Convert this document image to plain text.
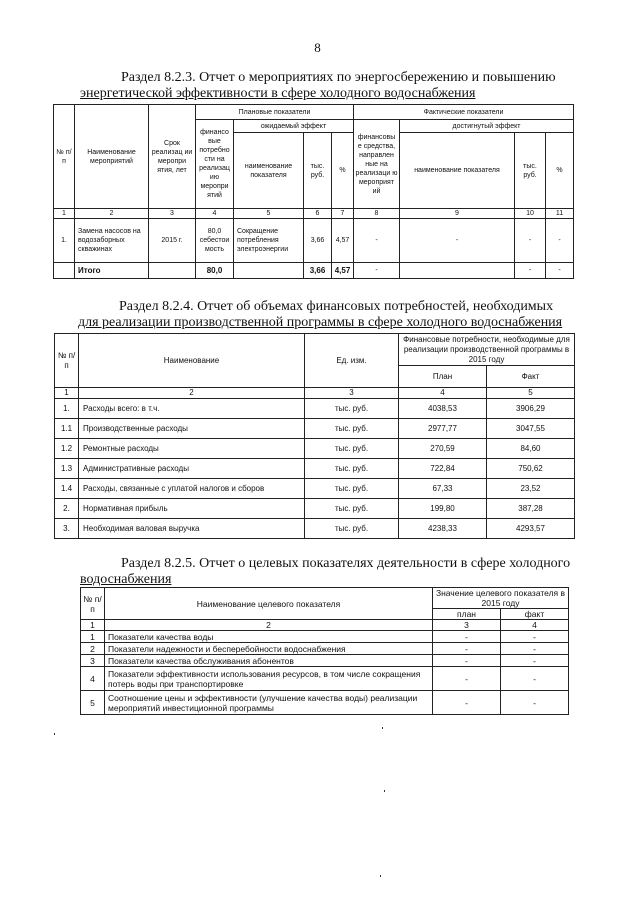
8
Раздел 8.2.3. Отчет о мероприятиях по энергосбережению и повышению
энергетической эффективности в сфере холодного водоснабжения
№ п/ п	Наименование мероприятий	Срок реализац ии меропри ятия, лет	Плановые показатели				Фактические показатели			
			финансо вые потребно сти на реализац ию меропри ятий	ожидаемый эффект			финансовы е средства, направлен ные на реализаци ю мероприят ий	достигнутый эффект		
				наименование показателя	тыс. руб.	%		наименование показателя	тыс. руб.	%
1	2	3	4	5	6	7	8	9	10	11
1.	Замена насосов на водозаборных скважинах	2015 г.	80,0 себестои мость	Сокращение потребления электроэнергии	3,66	4,57	-	-	-	-
	Итого		80,0		3,66	4,57	-		-	-
Раздел 8.2.4. Отчет об объемах финансовых потребностей, необходимых
для реализации производственной программы в сфере холодного водоснабжения
№ п/п	Наименование	Ед. изм.	Финансовые потребности, необходимые для реализации производственной программы в 2015 году	
			План	Факт
1	2	3	4	5
1.	Расходы всего: в т.ч.	тыс. руб.	4038,53	3906,29
1.1	Производственные расходы	тыс. руб.	2977,77	3047,55
1.2	Ремонтные расходы	тыс. руб.	270,59	84,60
1.3	Административные расходы	тыс. руб.	722,84	750,62
1.4	Расходы, связанные с уплатой налогов и сборов	тыс. руб.	67,33	23,52
2.	Нормативная прибыль	тыс. руб.	199,80	387,28
3.	Необходимая валовая выручка	тыс. руб.	4238,33	4293,57
Раздел 8.2.5. Отчет о целевых показателях деятельности в сфере холодного
водоснабжения
№ п/п	Наименование целевого показателя	Значение целевого показателя в 2015 году	
		план	факт
1	2	3	4
1	Показатели качества воды	-	-
2	Показатели надежности и бесперебойности водоснабжения	-	-
3	Показатели качества обслуживания абонентов	-	-
4	Показатели эффективности использования ресурсов, в том числе сокращения потерь воды при транспортировке	-	-
5	Соотношение цены и эффективности (улучшение качества воды) реализации мероприятий инвестиционной программы	-	-
